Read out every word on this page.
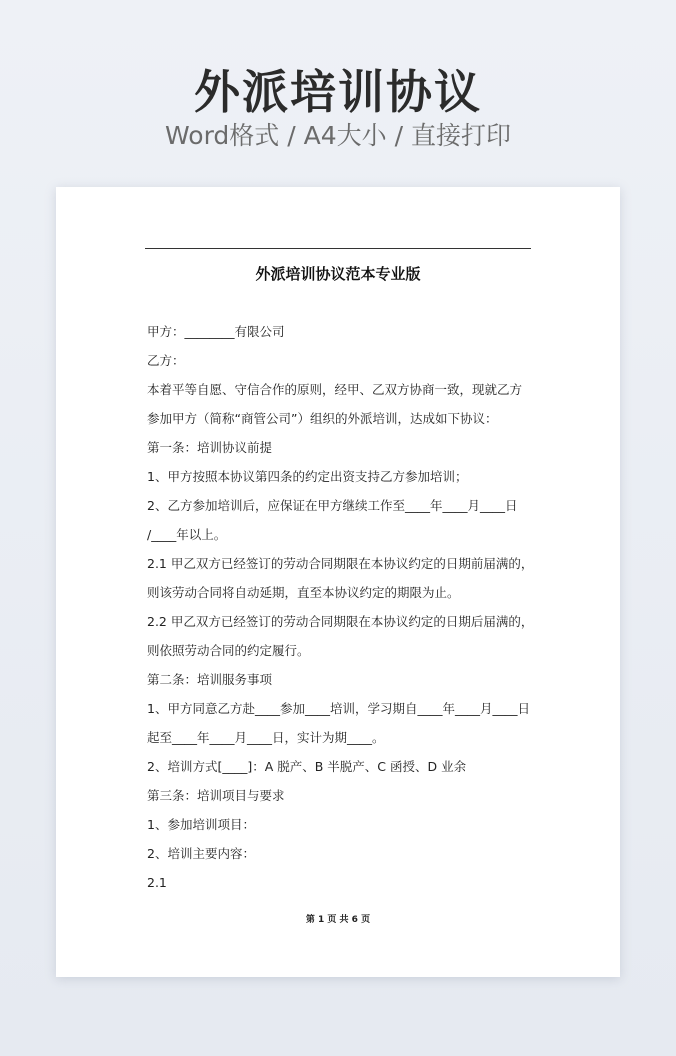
外派培训协议
Word格式 / A4大小 / 直接打印
外派培训协议范本专业版
甲方：________有限公司
乙方：
本着平等自愿、守信合作的原则，经甲、乙双方协商一致，现就乙方
参加甲方（简称“商管公司”）组织的外派培训，达成如下协议：
第一条：培训协议前提
1、甲方按照本协议第四条的约定出资支持乙方参加培训；
2、乙方参加培训后，应保证在甲方继续工作至____年____月____日
/____年以上。
2.1 甲乙双方已经签订的劳动合同期限在本协议约定的日期前届满的，
则该劳动合同将自动延期，直至本协议约定的期限为止。
2.2 甲乙双方已经签订的劳动合同期限在本协议约定的日期后届满的，
则依照劳动合同的约定履行。
第二条：培训服务事项
1、甲方同意乙方赴____参加____培训，学习期自____年____月____日
起至____年____月____日，实计为期____。
2、培训方式[____]：A 脱产、B 半脱产、C 函授、D 业余
第三条：培训项目与要求
1、参加培训项目：
2、培训主要内容：
2.1
第 1 页 共 6 页
